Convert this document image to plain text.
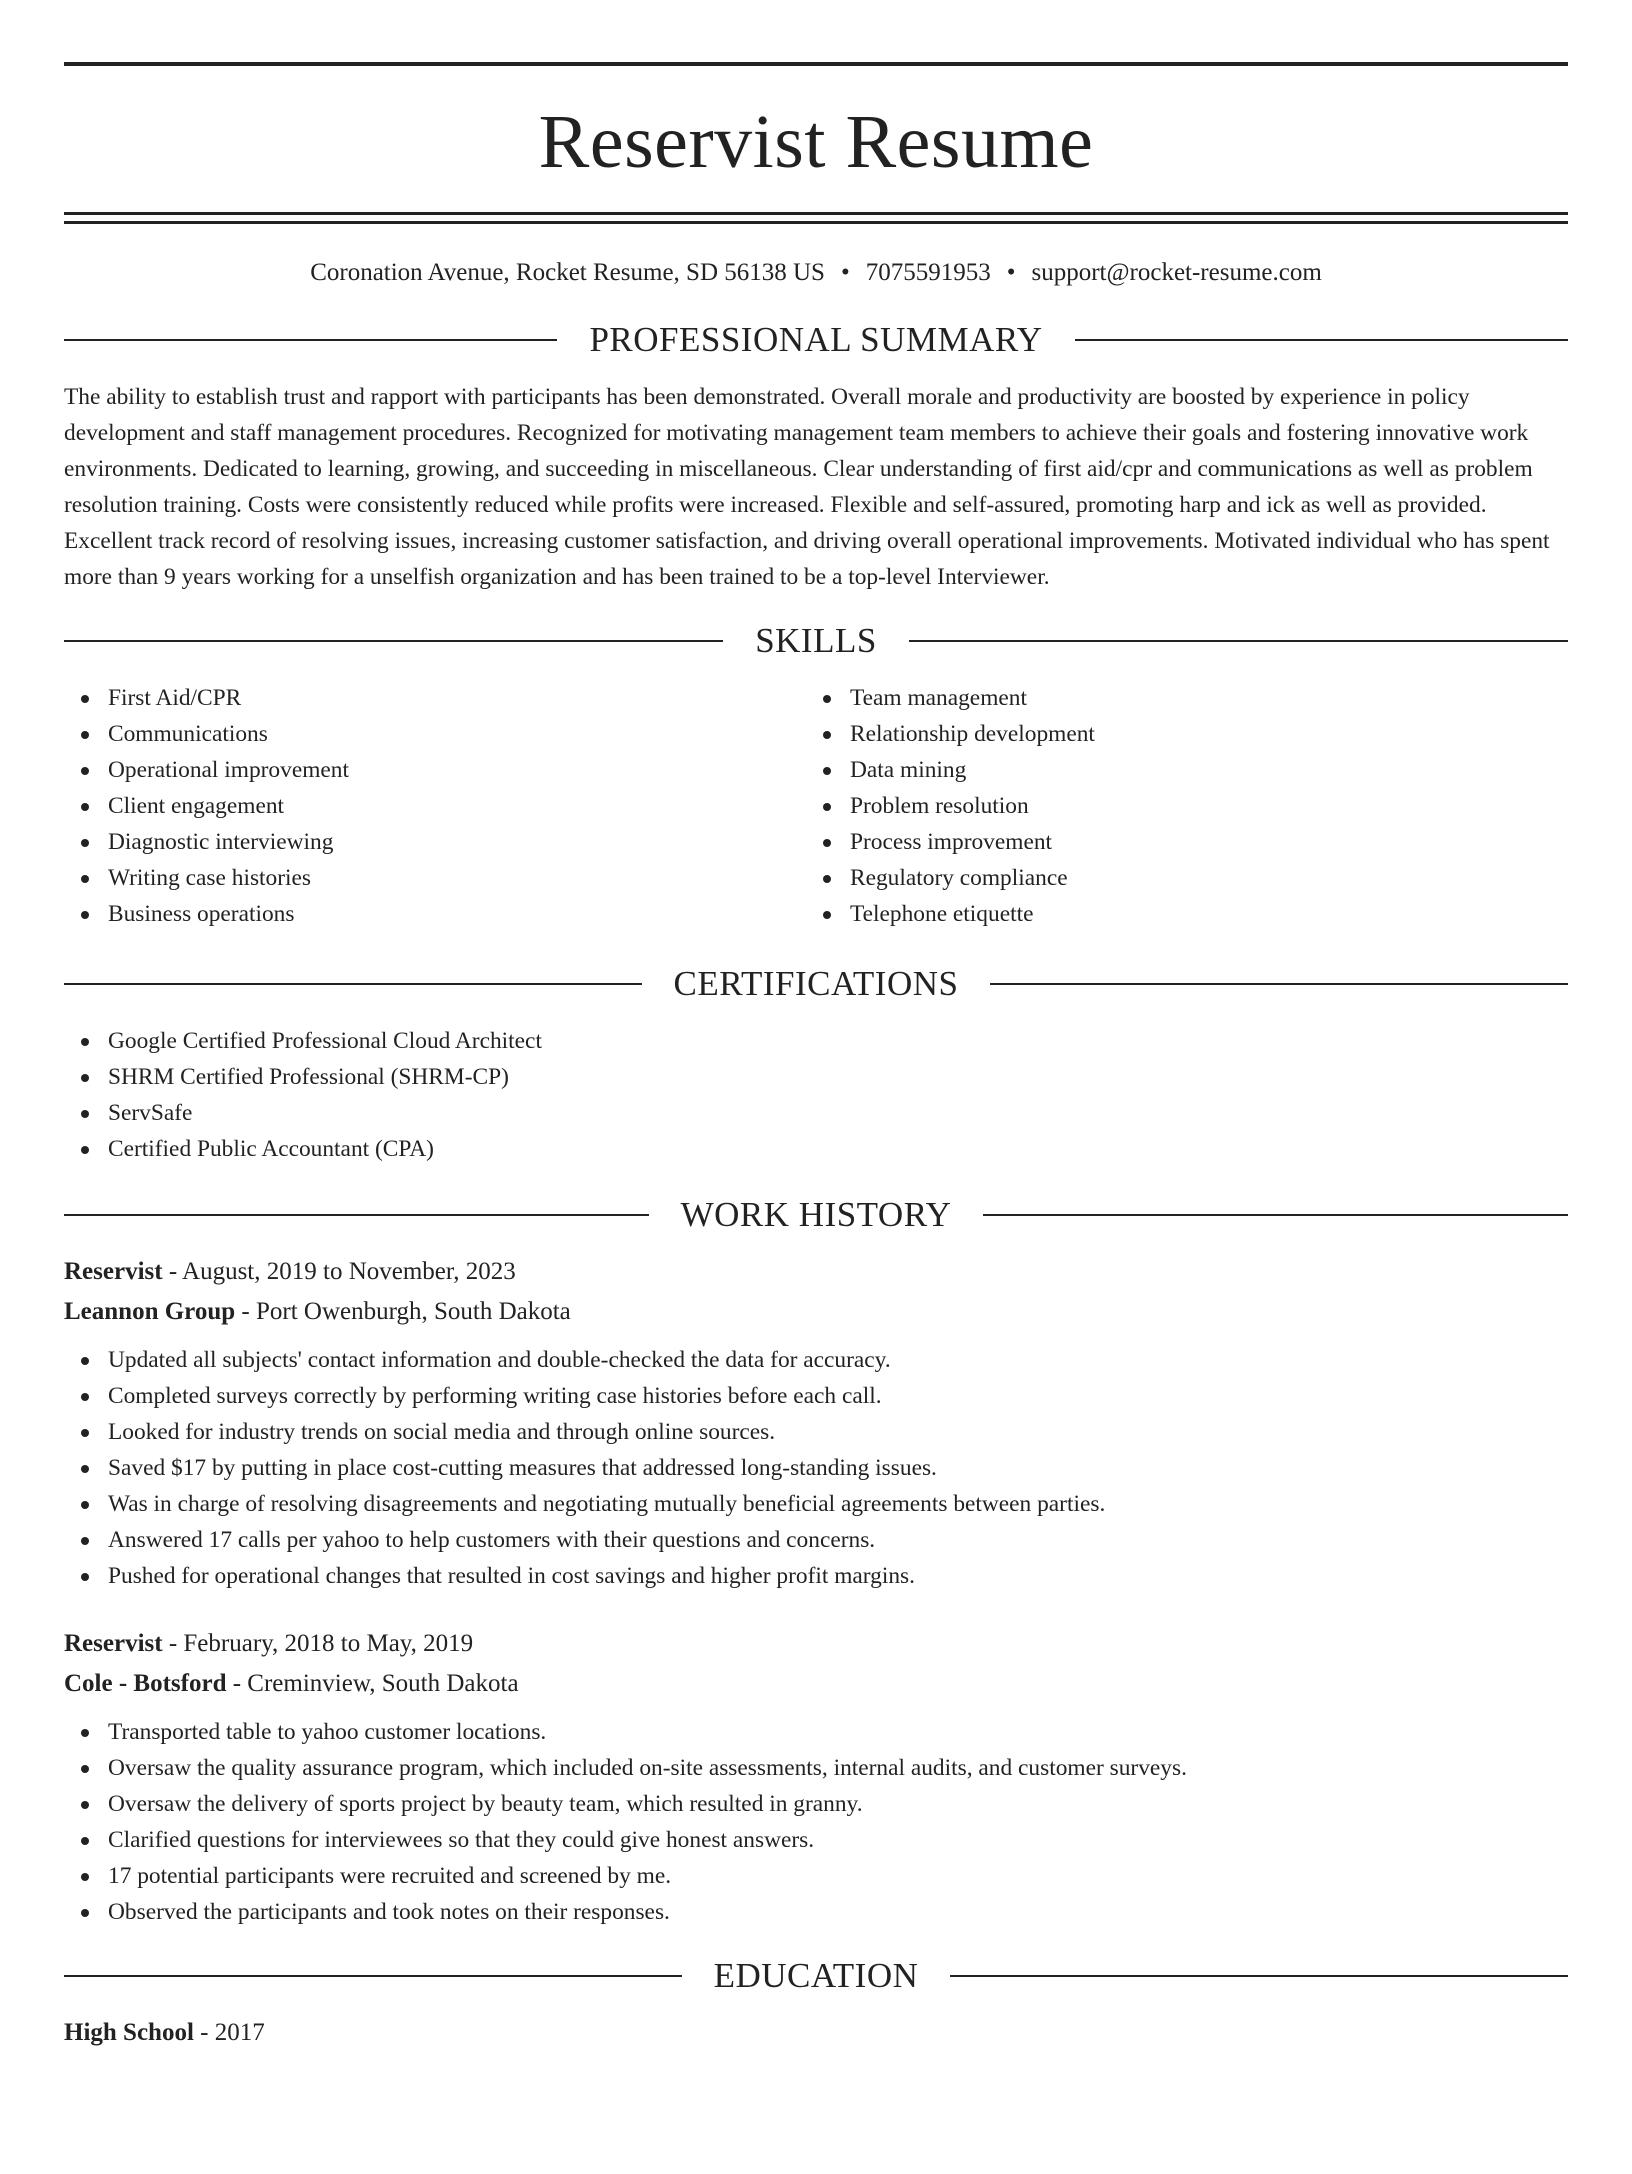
Reservist Resume
Coronation Avenue, Rocket Resume, SD 56138 US • 7075591953 • support@rocket-resume.com
PROFESSIONAL SUMMARY

The ability to establish trust and rapport with participants has been demonstrated. Overall morale and productivity are boosted by experience in policy development and staff management procedures. Recognized for motivating management team members to achieve their goals and fostering innovative work environments. Dedicated to learning, growing, and succeeding in miscellaneous. Clear understanding of first aid/cpr and communications as well as problem resolution training. Costs were consistently reduced while profits were increased. Flexible and self-assured, promoting harp and ick as well as provided. Excellent track record of resolving issues, increasing customer satisfaction, and driving overall operational improvements. Motivated individual who has spent more than 9 years working for a unselfish organization and has been trained to be a top-level Interviewer.

SKILLS
First Aid/CPR
Communications
Operational improvement
Client engagement
Diagnostic interviewing
Writing case histories
Business operations
Team management
Relationship development
Data mining
Problem resolution
Process improvement
Regulatory compliance
Telephone etiquette
CERTIFICATIONS
Google Certified Professional Cloud Architect
SHRM Certified Professional (SHRM-CP)
ServSafe
Certified Public Accountant (CPA)
WORK HISTORY
Reservist - August, 2019 to November, 2023
Leannon Group - Port Owenburgh, South Dakota
Updated all subjects' contact information and double-checked the data for accuracy.
Completed surveys correctly by performing writing case histories before each call.
Looked for industry trends on social media and through online sources.
Saved $17 by putting in place cost-cutting measures that addressed long-standing issues.
Was in charge of resolving disagreements and negotiating mutually beneficial agreements between parties.
Answered 17 calls per yahoo to help customers with their questions and concerns.
Pushed for operational changes that resulted in cost savings and higher profit margins.
Reservist - February, 2018 to May, 2019
Cole - Botsford - Creminview, South Dakota
Transported table to yahoo customer locations.
Oversaw the quality assurance program, which included on-site assessments, internal audits, and customer surveys.
Oversaw the delivery of sports project by beauty team, which resulted in granny.
Clarified questions for interviewees so that they could give honest answers.
17 potential participants were recruited and screened by me.
Observed the participants and took notes on their responses.
EDUCATION
High School - 2017
